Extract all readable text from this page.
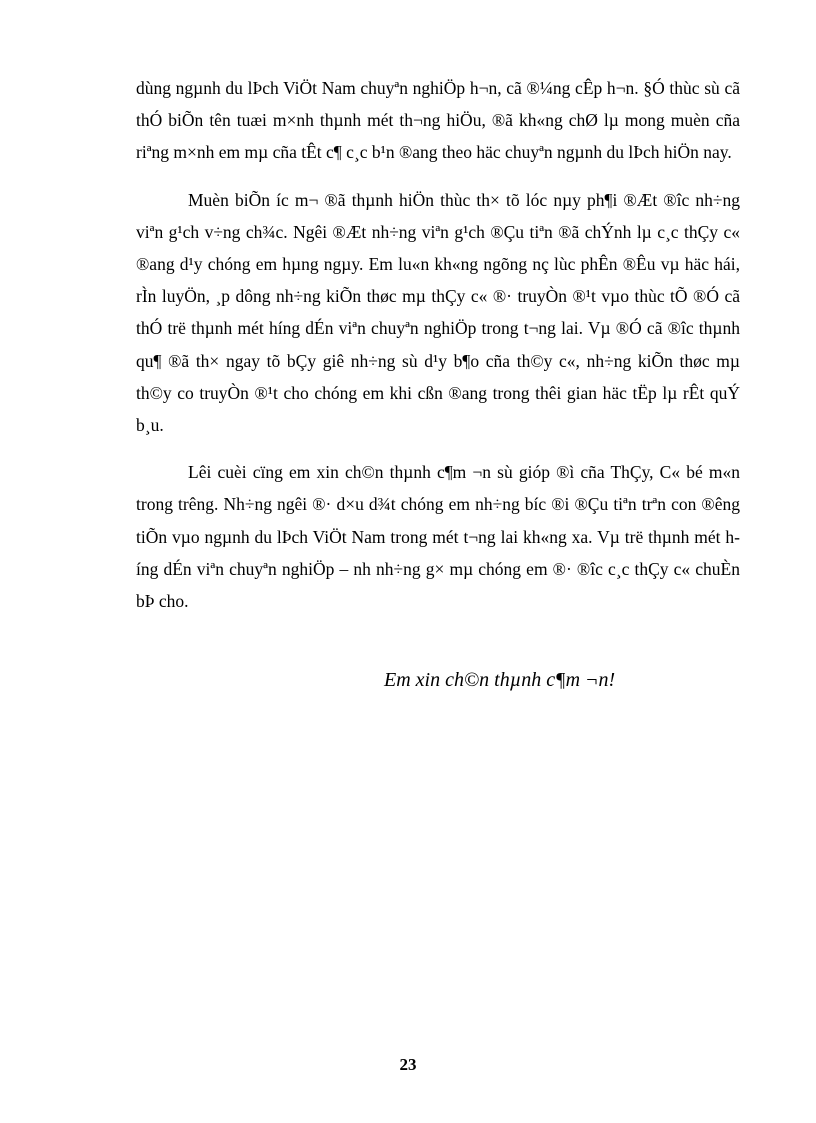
dùng ngµnh du lÞch ViÖt Nam chuyªn nghiÖp h¬n, cã ®¼ng cÊp h¬n. §Ó thùc sù cã thÓ biÕn tên tuæi m×nh thµnh mét th¬ng hiÖu, ®ã kh«ng chØ lµ mong muèn cña riªng m×nh em mµ cña tÊt c¶ c¸c b¹n ®ang theo häc chuyªn ngµnh du lÞch hiÖn nay.

Muèn biÕn íc m¬ ®ã thµnh hiÖn thùc th× tõ lóc nµy ph¶i ®Æt ®îc nh÷ng viªn g¹ch v÷ng ch¾c. Ngêi ®Æt nh÷ng viªn g¹ch ®Çu tiªn ®ã chÝnh lµ c¸c thÇy c« ®ang d¹y chóng em hµng ngµy. Em lu«n kh«ng ngõng nç lùc phÊn ®Êu vµ häc hái, rÌn luyÖn, ¸p dông nh÷ng kiÕn thøc mµ thÇy c« ®· truyÒn ®¹t vµo thùc tÕ ®Ó cã thÓ trë thµnh mét híng dÉn viªn chuyªn nghiÖp trong t¬ng lai. Vµ ®Ó cã ®îc thµnh qu¶ ®ã th× ngay tõ bÇy giê nh÷ng sù d¹y b¶o cña th©y c«, nh÷ng kiÕn thøc mµ th©y co truyÒn ®¹t cho chóng em khi cßn ®ang trong thêi gian häc tËp lµ rÊt quÝ b¸u.

Lêi cuèi cïng em xin ch©n thµnh c¶m ¬n sù gióp ®ì cña ThÇy, C« bé m«n trong trêng. Nh÷ng ngêi ®· d×u d¾t chóng em nh÷ng bíc ®i ®Çu tiªn trªn con ®êng tiÕn vµo ngµnh du lÞch ViÖt Nam trong mét t¬ng lai kh«ng xa. Vµ trë thµnh mét híng dÉn viªn chuyªn nghiÖp – nh nh÷ng g× mµ chóng em ®· ®îc c¸c thÇy c« chuÈn bÞ cho.

Em xin ch©n thµnh c¶m ¬n!
23
